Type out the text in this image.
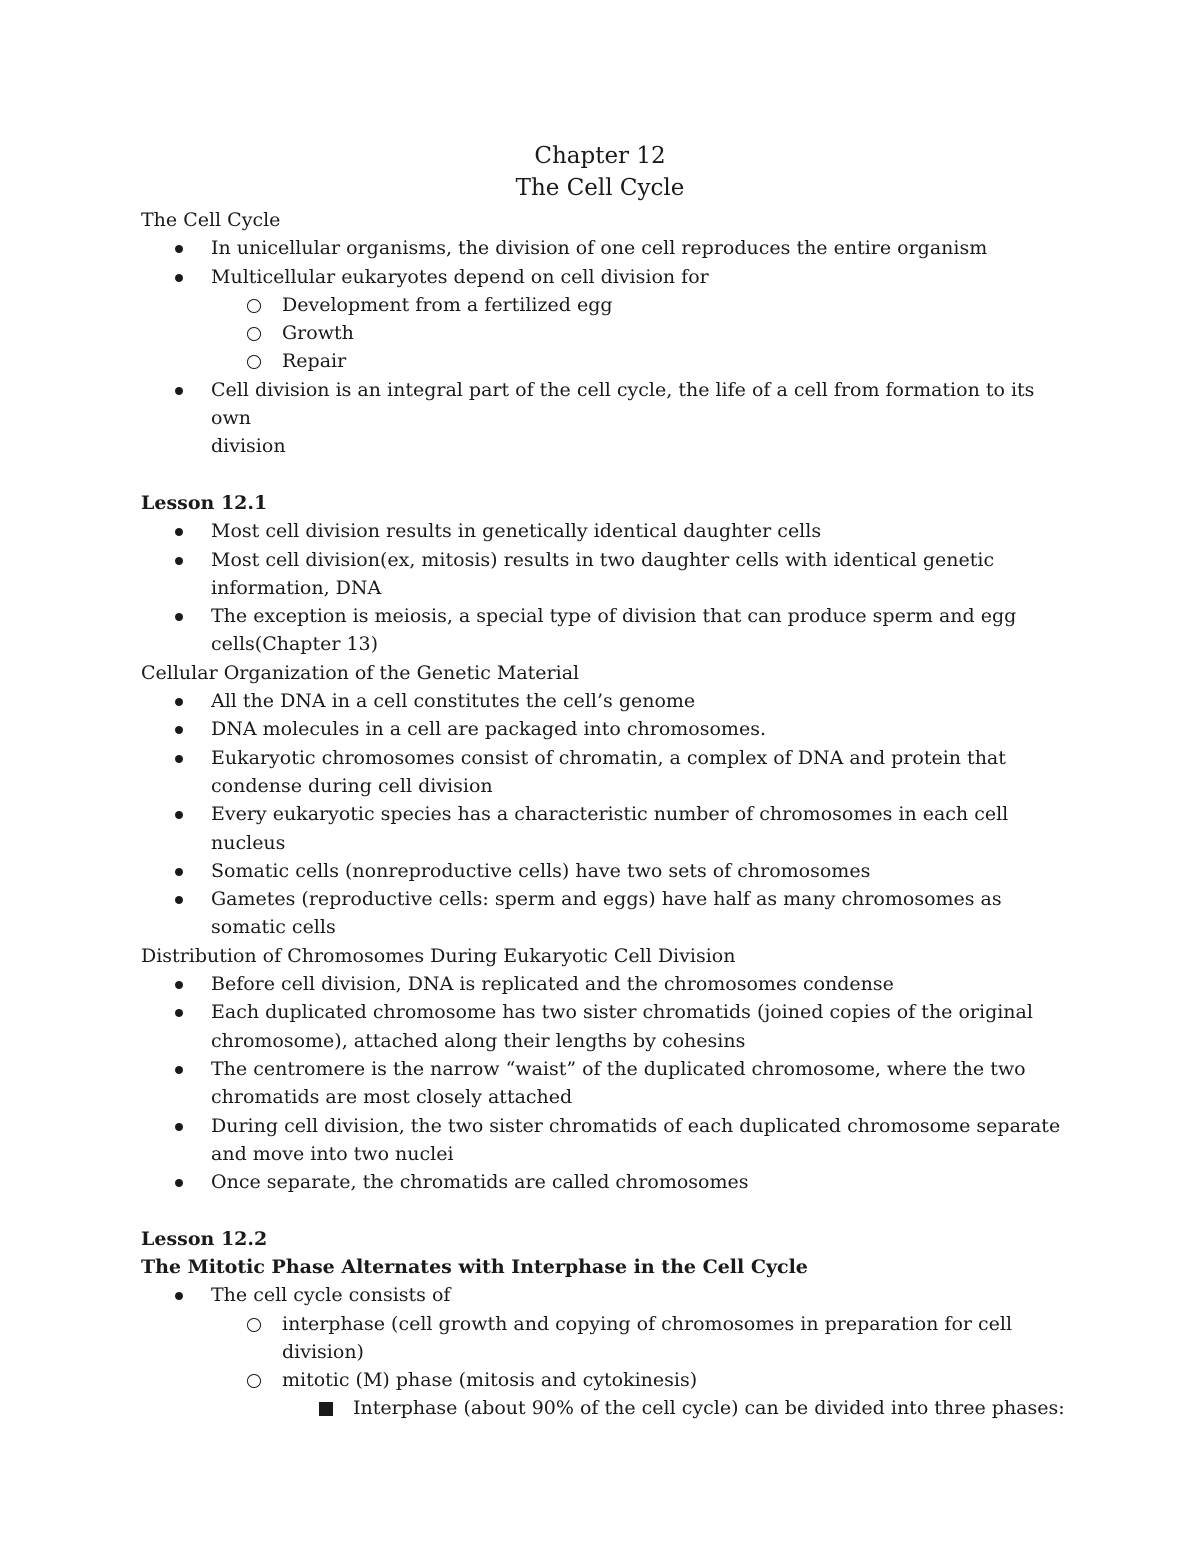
Chapter 12
The Cell Cycle
The Cell Cycle
In unicellular organisms, the division of one cell reproduces the entire organism
Multicellular eukaryotes depend on cell division for
Development from a fertilized egg
Growth
Repair
Cell division is an integral part of the cell cycle, the life of a cell from formation to its own
division
Lesson 12.1
Most cell division results in genetically identical daughter cells
Most cell division(ex, mitosis) results in two daughter cells with identical genetic
information, DNA
The exception is meiosis, a special type of division that can produce sperm and egg
cells(Chapter 13)
Cellular Organization of the Genetic Material
All the DNA in a cell constitutes the cell’s genome
DNA molecules in a cell are packaged into chromosomes.
Eukaryotic chromosomes consist of chromatin, a complex of DNA and protein that
condense during cell division
Every eukaryotic species has a characteristic number of chromosomes in each cell
nucleus
Somatic cells (nonreproductive cells) have two sets of chromosomes
Gametes (reproductive cells: sperm and eggs) have half as many chromosomes as
somatic cells
Distribution of Chromosomes During Eukaryotic Cell Division
Before cell division, DNA is replicated and the chromosomes condense
Each duplicated chromosome has two sister chromatids (joined copies of the original
chromosome), attached along their lengths by cohesins
The centromere is the narrow “waist” of the duplicated chromosome, where the two
chromatids are most closely attached
During cell division, the two sister chromatids of each duplicated chromosome separate
and move into two nuclei
Once separate, the chromatids are called chromosomes
Lesson 12.2
The Mitotic Phase Alternates with Interphase in the Cell Cycle
The cell cycle consists of
interphase (cell growth and copying of chromosomes in preparation for cell
division)
mitotic (M) phase (mitosis and cytokinesis)
Interphase (about 90% of the cell cycle) can be divided into three phases:
